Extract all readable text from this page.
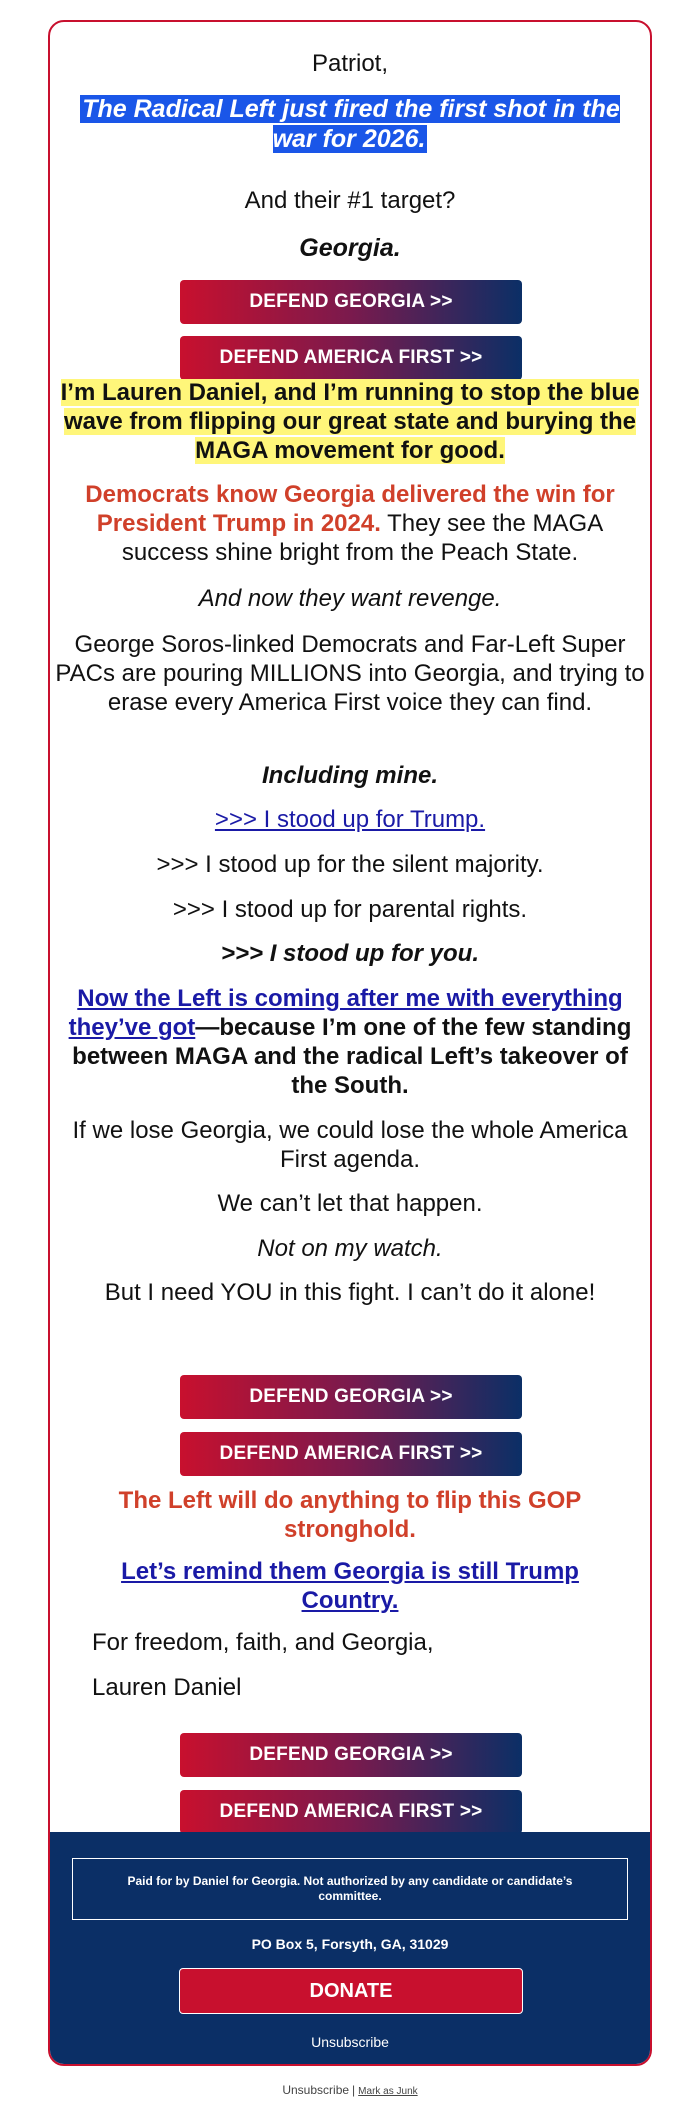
Patriot,

The Radical Left just fired the first shot in the war for 2026.

And their #1 target?

Georgia.

DEFEND GEORGIA >>
DEFEND AMERICA FIRST >>

I’m Lauren Daniel, and I’m running to stop the blue wave from flipping our great state and burying the MAGA movement for good.

Democrats know Georgia delivered the win for President Trump in 2024. They see the MAGA success shine bright from the Peach State.

And now they want revenge.

George Soros-linked Democrats and Far-Left Super PACs are pouring MILLIONS into Georgia, and trying to erase every America First voice they can find.

Including mine.

>>> I stood up for Trump.

>>> I stood up for the silent majority.

>>> I stood up for parental rights.

>>> I stood up for you.

Now the Left is coming after me with everything they’ve got—because I’m one of the few standing between MAGA and the radical Left’s takeover of the South.

If we lose Georgia, we could lose the whole America First agenda.

We can’t let that happen.

Not on my watch.

But I need YOU in this fight. I can’t do it alone!

DEFEND GEORGIA >>
DEFEND AMERICA FIRST >>

The Left will do anything to flip this GOP stronghold.

Let’s remind them Georgia is still Trump Country.

For freedom, faith, and Georgia,

Lauren Daniel

DEFEND GEORGIA >>
DEFEND AMERICA FIRST >>
Paid for by Daniel for Georgia. Not authorized by any candidate or candidate’s committee.
PO Box 5, Forsyth, GA, 31029
DONATE
Unsubscribe
Unsubscribe | Mark as Junk
